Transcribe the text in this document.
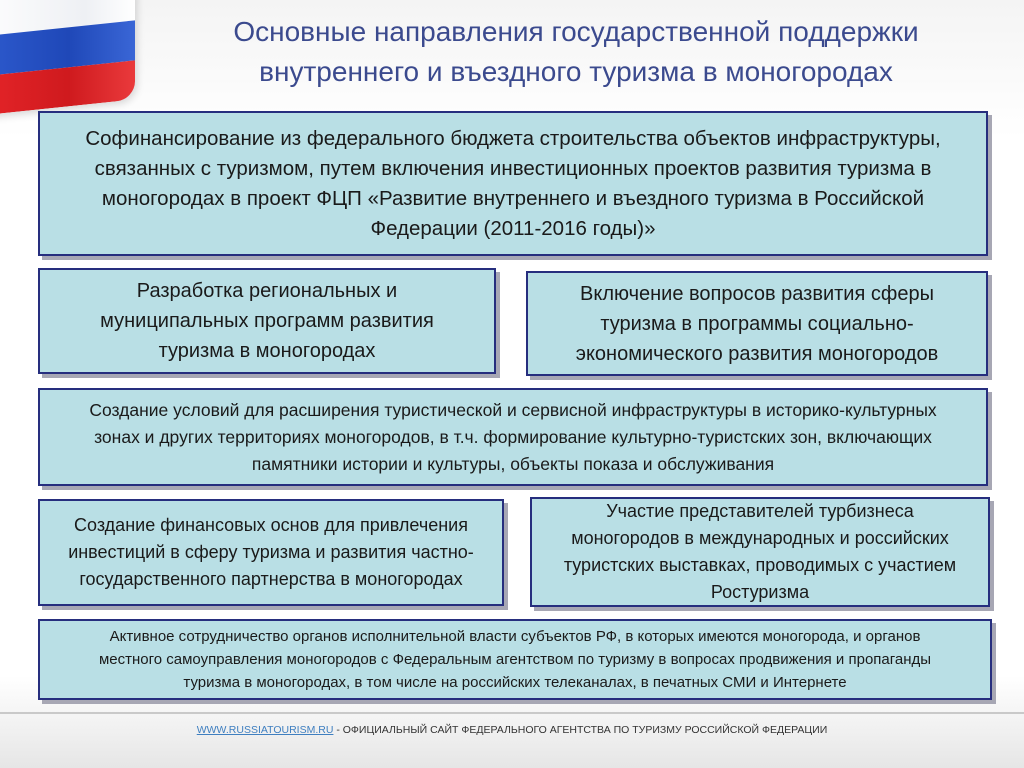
Основные направления государственной поддержки
внутреннего и въездного туризма в моногородах
Софинансирование из федерального бюджета строительства объектов инфраструктуры,
связанных с туризмом, путем включения инвестиционных проектов развития туризма в
моногородах в проект ФЦП «Развитие внутреннего и въездного туризма в Российской
Федерации (2011-2016 годы)»
Разработка региональных и
муниципальных программ развития
туризма в моногородах
Включение вопросов развития сферы
туризма в программы социально-
экономического развития моногородов
Создание условий для расширения туристической и сервисной инфраструктуры в историко-культурных
зонах и других территориях моногородов, в т.ч. формирование культурно-туристских зон, включающих
памятники истории и культуры, объекты показа и обслуживания
Создание финансовых основ для привлечения
инвестиций в сферу туризма и развития частно-
государственного партнерства в моногородах
Участие представителей турбизнеса
моногородов в международных и российских
туристских выставках, проводимых с участием
Ростуризма
Активное сотрудничество органов исполнительной власти субъектов РФ, в которых имеются моногорода, и органов
местного самоуправления моногородов с Федеральным агентством по туризму в вопросах продвижения и пропаганды
туризма в моногородах, в том числе на российских телеканалах, в печатных СМИ и Интернете
WWW.RUSSIATOURISM.RU - ОФИЦИАЛЬНЫЙ САЙТ ФЕДЕРАЛЬНОГО АГЕНТСТВА ПО ТУРИЗМУ РОССИЙСКОЙ ФЕДЕРАЦИИ
